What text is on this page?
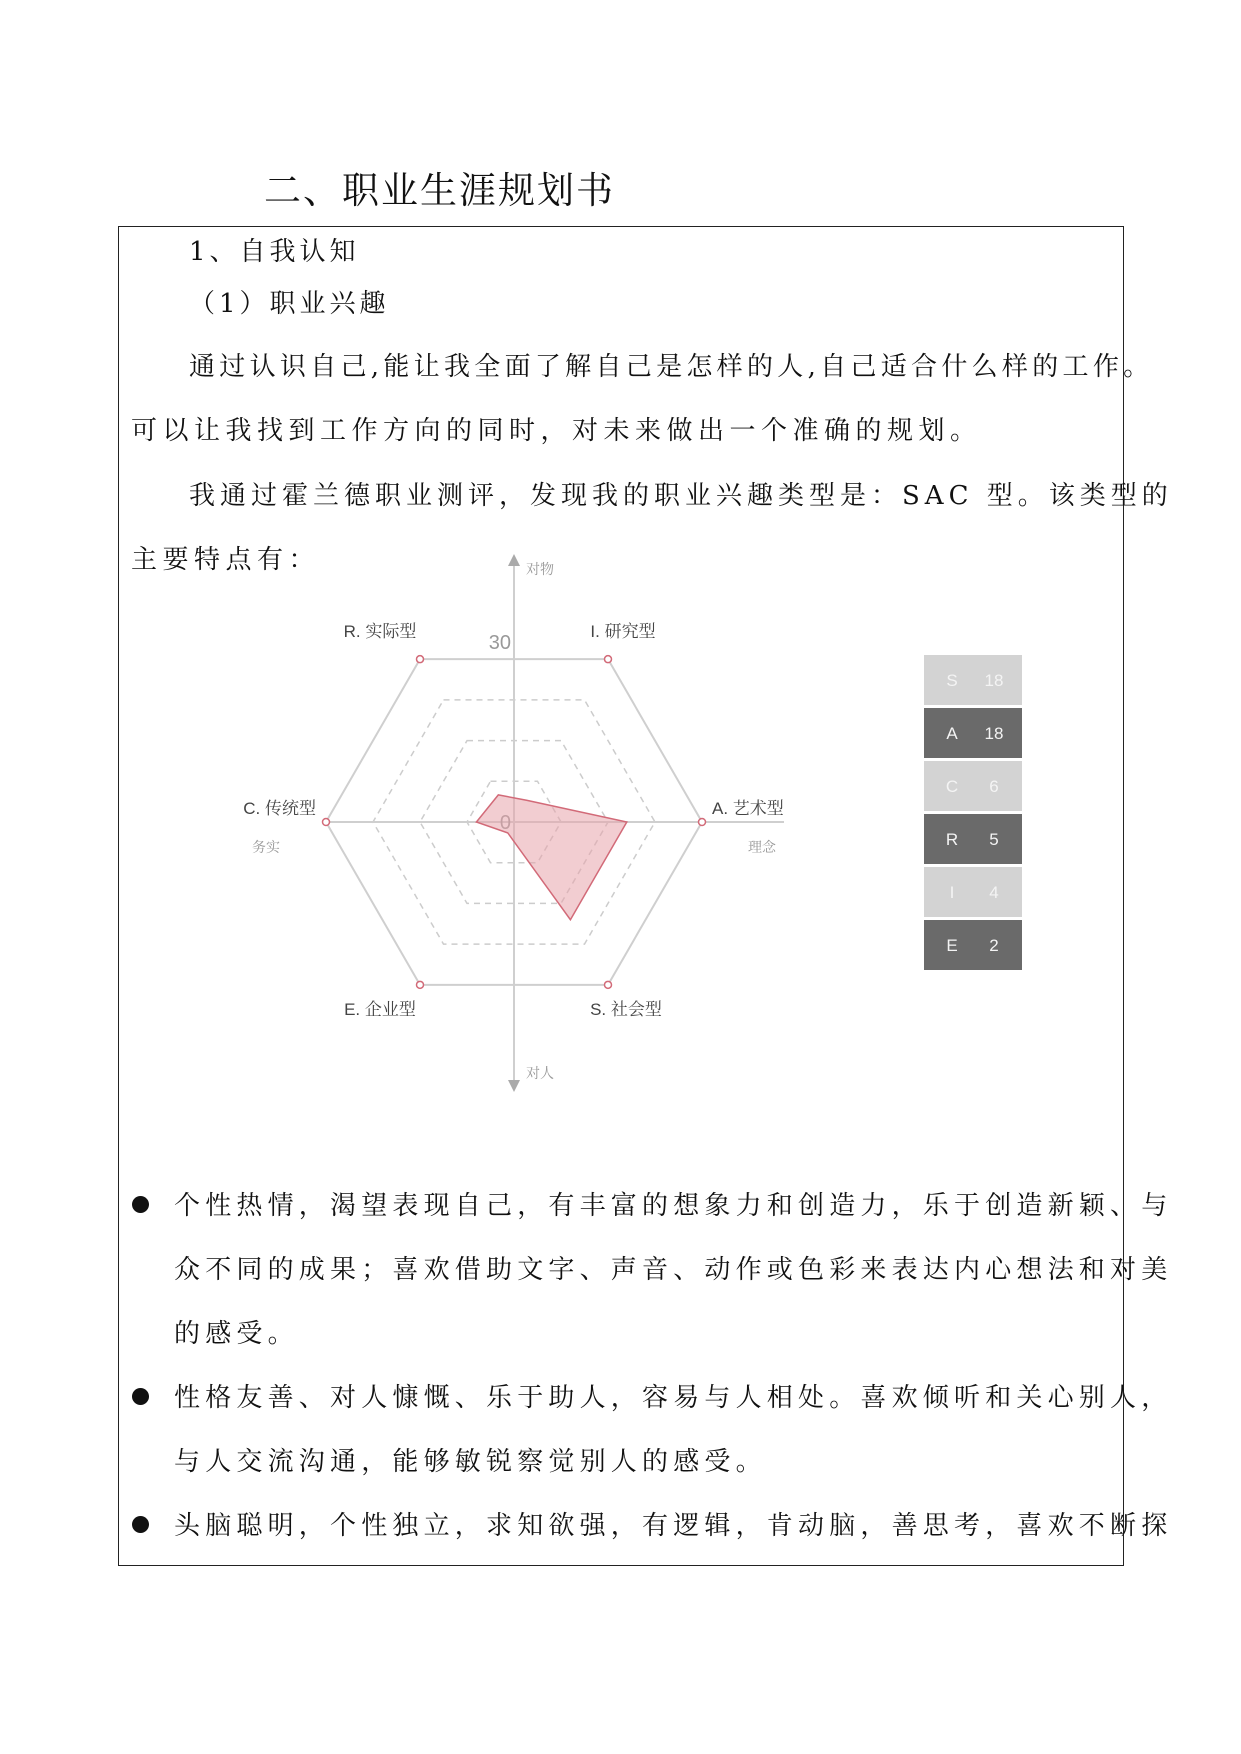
二、职业生涯规划书
1、自我认知
（1）职业兴趣
通过认识自己,能让我全面了解自己是怎样的人,自己适合什么样的工作。
可以让我找到工作方向的同时，对未来做出一个准确的规划。
我通过霍兰德职业测评，发现我的职业兴趣类型是：SAC 型。该类型的
主要特点有：
R. 实际型	I. 研究型
A. 艺术型
S. 社会型
E. 企业型
C. 传统型
30
对物
对人
务实	理念
S 18
A 18
C 6
R 5
I 4
E 2
个性热情，渴望表现自己，有丰富的想象力和创造力，乐于创造新颖、与
众不同的成果；喜欢借助文字、声音、动作或色彩来表达内心想法和对美
的感受。
性格友善、对人慷慨、乐于助人，容易与人相处。喜欢倾听和关心别人，
与人交流沟通，能够敏锐察觉别人的感受。
头脑聪明，个性独立，求知欲强，有逻辑，肯动脑，善思考，喜欢不断探
